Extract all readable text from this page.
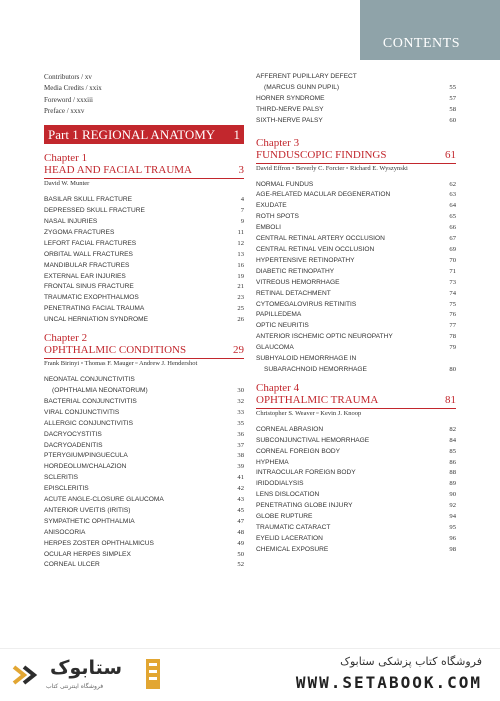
CONTENTS
Contributors / xv
Media Credits / xxix
Foreword / xxxiii
Preface / xxxv
Part 1 REGIONAL ANATOMY 1
Chapter 1
HEAD AND FACIAL TRAUMA	3
David W. Munter
BASILAR SKULL FRACTURE	4
DEPRESSED SKULL FRACTURE	7
NASAL INJURIES	9
ZYGOMA FRACTURES	11
LEFORT FACIAL FRACTURES	12
ORBITAL WALL FRACTURES	13
MANDIBULAR FRACTURES	16
EXTERNAL EAR INJURIES	19
FRONTAL SINUS FRACTURE	21
TRAUMATIC EXOPHTHALMOS	23
PENETRATING FACIAL TRAUMA	25
UNCAL HERNIATION SYNDROME	26
Chapter 2
OPHTHALMIC CONDITIONS	29
Frank Birinyi ▫ Thomas F. Mauger ▫ Andrew J. Hendershot
NEONATAL CONJUNCTIVITIS
(OPHTHALMIA NEONATORUM)	30
BACTERIAL CONJUNCTIVITIS	32
VIRAL CONJUNCTIVITIS	33
ALLERGIC CONJUNCTIVITIS	35
DACRYOCYSTITIS	36
DACRYOADENITIS	37
PTERYGIUM/PINGUECULA	38
HORDEOLUM/CHALAZION	39
SCLERITIS	41
EPISCLERITIS	42
ACUTE ANGLE-CLOSURE GLAUCOMA	43
ANTERIOR UVEITIS (IRITIS)	45
SYMPATHETIC OPHTHALMIA	47
ANISOCORIA	48
HERPES ZOSTER OPHTHALMICUS	49
OCULAR HERPES SIMPLEX	50
CORNEAL ULCER	52
AFFERENT PUPILLARY DEFECT
(MARCUS GUNN PUPIL)	55
HORNER SYNDROME	57
THIRD-NERVE PALSY	58
SIXTH-NERVE PALSY	60
Chapter 3
FUNDUSCOPIC FINDINGS	61
David Effron ▫ Beverly C. Forcier ▫ Richard E. Wyszynski
NORMAL FUNDUS	62
AGE-RELATED MACULAR DEGENERATION	63
EXUDATE	64
ROTH SPOTS	65
EMBOLI	66
CENTRAL RETINAL ARTERY OCCLUSION	67
CENTRAL RETINAL VEIN OCCLUSION	69
HYPERTENSIVE RETINOPATHY	70
DIABETIC RETINOPATHY	71
VITREOUS HEMORRHAGE	73
RETINAL DETACHMENT	74
CYTOMEGALOVIRUS RETINITIS	75
PAPILLEDEMA	76
OPTIC NEURITIS	77
ANTERIOR ISCHEMIC OPTIC NEUROPATHY	78
GLAUCOMA	79
SUBHYALOID HEMORRHAGE IN
SUBARACHNOID HEMORRHAGE	80
Chapter 4
OPHTHALMIC TRAUMA	81
Christopher S. Weaver ▫ Kevin J. Knoop
CORNEAL ABRASION	82
SUBCONJUNCTIVAL HEMORRHAGE	84
CORNEAL FOREIGN BODY	85
HYPHEMA	86
INTRAOCULAR FOREIGN BODY	88
IRIDODIALYSIS	89
LENS DISLOCATION	90
PENETRATING GLOBE INJURY	92
GLOBE RUPTURE	94
TRAUMATIC CATARACT	95
EYELID LACERATION	96
CHEMICAL EXPOSURE	98
ستابوک
فروشگاه اینترنتی کتاب
فروشگاه کتاب پزشکی ستابوک
WWW.SETABOOK.COM
